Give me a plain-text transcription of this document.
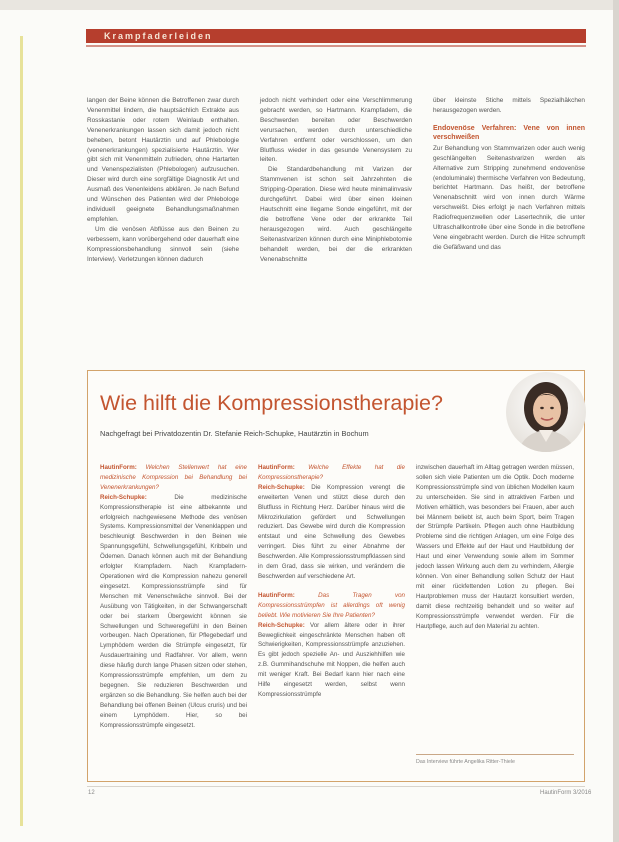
Krampfaderleiden

langen der Beine können die Betroffenen zwar durch Venenmittel lindern, die hauptsächlich Extrakte aus Rosskastanie oder rotem Weinlaub enthalten. Venenerkrankungen lassen sich damit jedoch nicht beheben, betont Hautärztin und auf Phlebologie (venenerkrankungen) spezialisierte Hautärztin. Wer gibt sich mit Venenmitteln zufrieden, ohne Hartarten und Venenspezialisten (Phlebologen) aufzusuchen. Dieser wird durch eine sorgfältige Diagnostik Art und Ausmaß des Venenleidens abklären. Je nach Befund und Wünschen des Patienten wird der Phlebologe individuell geeignete Behandlungsmaßnahmen empfehlen.

Um die venösen Abflüsse aus den Beinen zu verbessern, kann vorübergehend oder dauerhaft eine Kompressionsbehandlung sinnvoll sein (siehe Interview). Verletzungen können dadurch

jedoch nicht verhindert oder eine Verschlimmerung gebracht werden, so Hartmann. Krampfadern, die Beschwerden bereiten oder Beschwerden verursachen, werden durch unterschiedliche Verfahren entfernt oder verschlossen, um den Blutfluss wieder in das gesunde Venensystem zu leiten.

Die Standardbehandlung mit Varizen der Stammvenen ist schon seit Jahrzehnten die Stripping-Operation. Diese wird heute minimalinvasiv durchgeführt. Dabei wird über einen kleinen Hautschnitt eine Ilegame Sonde eingeführt, mit der die betroffene Vene oder der erkrankte Teil herausgezogen wird. Auch geschlängelte Seitenastvarizen können durch eine Miniphlebotomie behandelt werden, bei der die erkrankten Venenabschnitte

über kleinste Stiche mittels Spezialhäkchen herausgezogen werden.

Endovenöse Verfahren: Vene von innen verschweißen

Zur Behandlung von Stammvarizen oder auch wenig geschlängelten Seitenastvarizen werden als Alternative zum Stripping zunehmend endovenöse (endoluminale) thermische Verfahren von Bedeutung, berichtet Hartmann. Das heißt, der betroffene Venenabschnitt wird von innen durch Wärme verschweißt. Dies erfolgt je nach Verfahren mittels Radiofrequenzwellen oder Lasertechnik, die unter Ultraschallkontrolle über eine Sonde in die betroffene Vene eingebracht werden. Durch die Hitze schrumpft die Gefäßwand und das

Wie hilft die Kompressionstherapie?
Nachgefragt bei Privatdozentin Dr. Stefanie Reich-Schupke, Hautärztin in Bochum

HautinForm: Welchen Stellenwert hat eine medizinische Kompression bei Behandlung bei Venenerkrankungen?

Reich-Schupke:	Die medizinische Kompressionstherapie ist eine altbekannte und erfolgreich nachgewiesene Methode des venösen Systems. Kompressionsmittel der Venenklappen und beschleunigt Beschwerden in den Beinen wie Spannungsgefühl, Schwellungsgefühl, Kribbeln und Ödemen. Danach können auch mit der Behandlung erfolgter Krampfadern. Nach Krampfadern-Operationen wird die Kompression nahezu generell eingesetzt. Kompressionsstrümpfe sind für Menschen mit Venenschwäche sinnvoll. Bei der Ausübung von Tätigkeiten, in der Schwangerschaft oder bei starkem Übergewicht können sie Schwellungen und Schweregefühl in den Beinen vorbeugen. Nach Operationen, für Pflegebedarf und Lymphödem werden die Strümpfe eingesetzt, für Ausdauertraining und Radfahrer. Vor allem, wenn diese häufig durch lange Phasen sitzen oder stehen, Kompressionsstrümpfe empfehlen, um dem zu begegnen. Sie reduzieren Beschwerden und ergänzen so die Behandlung. Sie helfen auch bei der Behandlung bei offenen Beinen (Ulcus cruris) und bei einem Lymphödem. Hier, so bei Kompressionsstrümpfe eingesetzt.

HautinForm: Welche Effekte hat die Kompressionstherapie?

Reich-Schupke: Die Kompression verengt die erweiterten Venen und stützt diese durch den Blutfluss in Richtung Herz. Darüber hinaus wird die Mikrozirkulation gefördert und Schwellungen reduziert. Das Gewebe wird durch die Kompression entstaut und eine Schwellung des Gewebes verringert. Dies führt zu einer Abnahme der Beschwerden. Alle Kompressionsstrumpfklassen sind in dem Grad, dass sie wirken, und verändern die Beschwerden auf verschiedene Art.

HautinForm:	Das Tragen von Kompressionsstrümpfen ist allerdings oft wenig beliebt. Wie motivieren Sie Ihre Patienten?

Reich-Schupke: Vor allem ältere oder in ihrer Beweglichkeit eingeschränkte Menschen haben oft Schwierigkeiten, Kompressionsstrümpfe anzuziehen. Es gibt jedoch spezielle An- und Ausziehhilfen wie z.B. Gummihandschuhe mit Noppen, die helfen auch mit weniger Kraft. Bei Bedarf kann hier nach eine Hilfe eingesetzt werden, selbst wenn Kompressionsstrümpfe

inzwischen dauerhaft im Alltag getragen werden müssen, sollen sich viele Patienten um die Optik. Doch moderne Kompressionsstrümpfe sind von üblichen Modellen kaum zu unterscheiden. Sie sind in attraktiven Farben und Motiven erhältlich, was besonders bei Frauen, aber auch bei Männern beliebt ist, auch beim Sport, beim Tragen der Strümpfe Partikeln. Pflegen auch ohne Hautbildung Probleme sind die richtigen Anlagen, um eine Folge des Wassers und Effekte auf der Haut und Hautbildung der Haut und einer Verwendung sowie allem im Sommer jedoch lassen Wirkung auch dem zu verhindern, Allergie können. Von einer Behandlung sollen Schutz der Haut mit einer rückfettenden Lotion zu pflegen. Bei Hautproblemen muss der Hautarzt konsultiert werden, damit diese rechtzeitig behandelt und so weiter auf Kompressionsstrümpfe verwendet werden. Für die Hautpflege, auch auf den Material zu achten.

Das Interview führte Angelika Ritter-Thiele
12	HautinForm 3/2016
